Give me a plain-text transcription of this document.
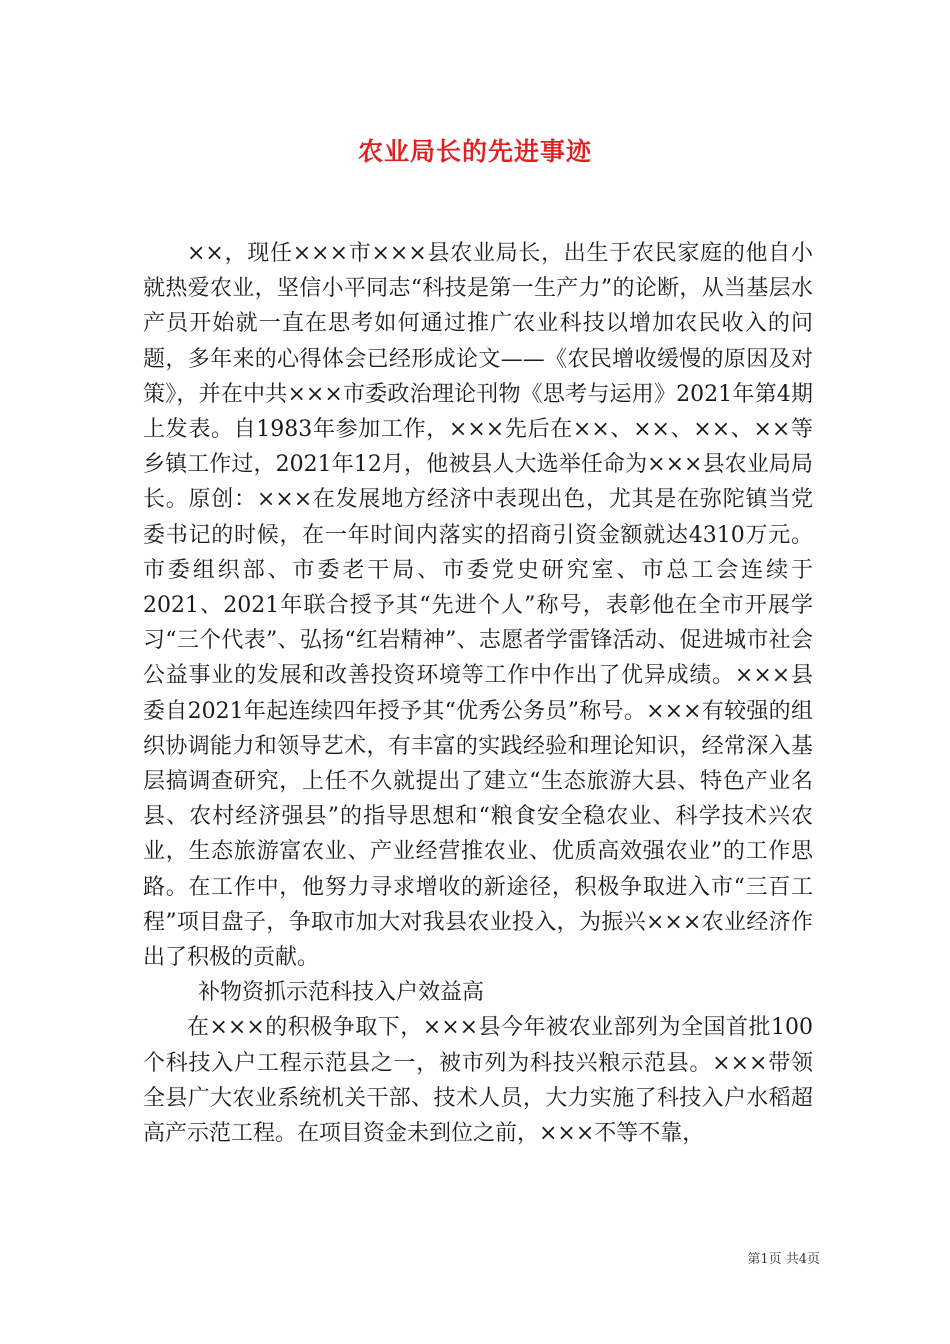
农业局长的先进事迹

××，现任×××市×××县农业局长，出生于农民家庭的他自小就热爱农业，坚信小平同志“科技是第一生产力”的论断，从当基层水产员开始就一直在思考如何通过推广农业科技以增加农民收入的问题，多年来的心得体会已经形成论文——《农民增收缓慢的原因及对策》，并在中共×××市委政治理论刊物《思考与运用》2021年第4期上发表。自1983年参加工作，×××先后在××、××、××、××等乡镇工作过，2021年12月，他被县人大选举任命为×××县农业局局长。原创：×××在发展地方经济中表现出色，尤其是在弥陀镇当党委书记的时候，在一年时间内落实的招商引资金额就达4310万元。市委组织部、市委老干局、市委党史研究室、市总工会连续于2021、2021年联合授予其“先进个人”称号，表彰他在全市开展学习“三个代表”、弘扬“红岩精神”、志愿者学雷锋活动、促进城市社会公益事业的发展和改善投资环境等工作中作出了优异成绩。×××县委自2021年起连续四年授予其“优秀公务员”称号。×××有较强的组织协调能力和领导艺术，有丰富的实践经验和理论知识，经常深入基层搞调查研究，上任不久就提出了建立“生态旅游大县、特色产业名县、农村经济强县”的指导思想和“粮食安全稳农业、科学技术兴农业，生态旅游富农业、产业经营推农业、优质高效强农业”的工作思路。在工作中，他努力寻求增收的新途径，积极争取进入市“三百工程”项目盘子，争取市加大对我县农业投入，为振兴×××农业经济作出了积极的贡献。

补物资抓示范科技入户效益高

在×××的积极争取下，×××县今年被农业部列为全国首批100个科技入户工程示范县之一，被市列为科技兴粮示范县。×××带领全县广大农业系统机关干部、技术人员，大力实施了科技入户水稻超高产示范工程。在项目资金未到位之前，×××不等不靠，

第1页 共4页
